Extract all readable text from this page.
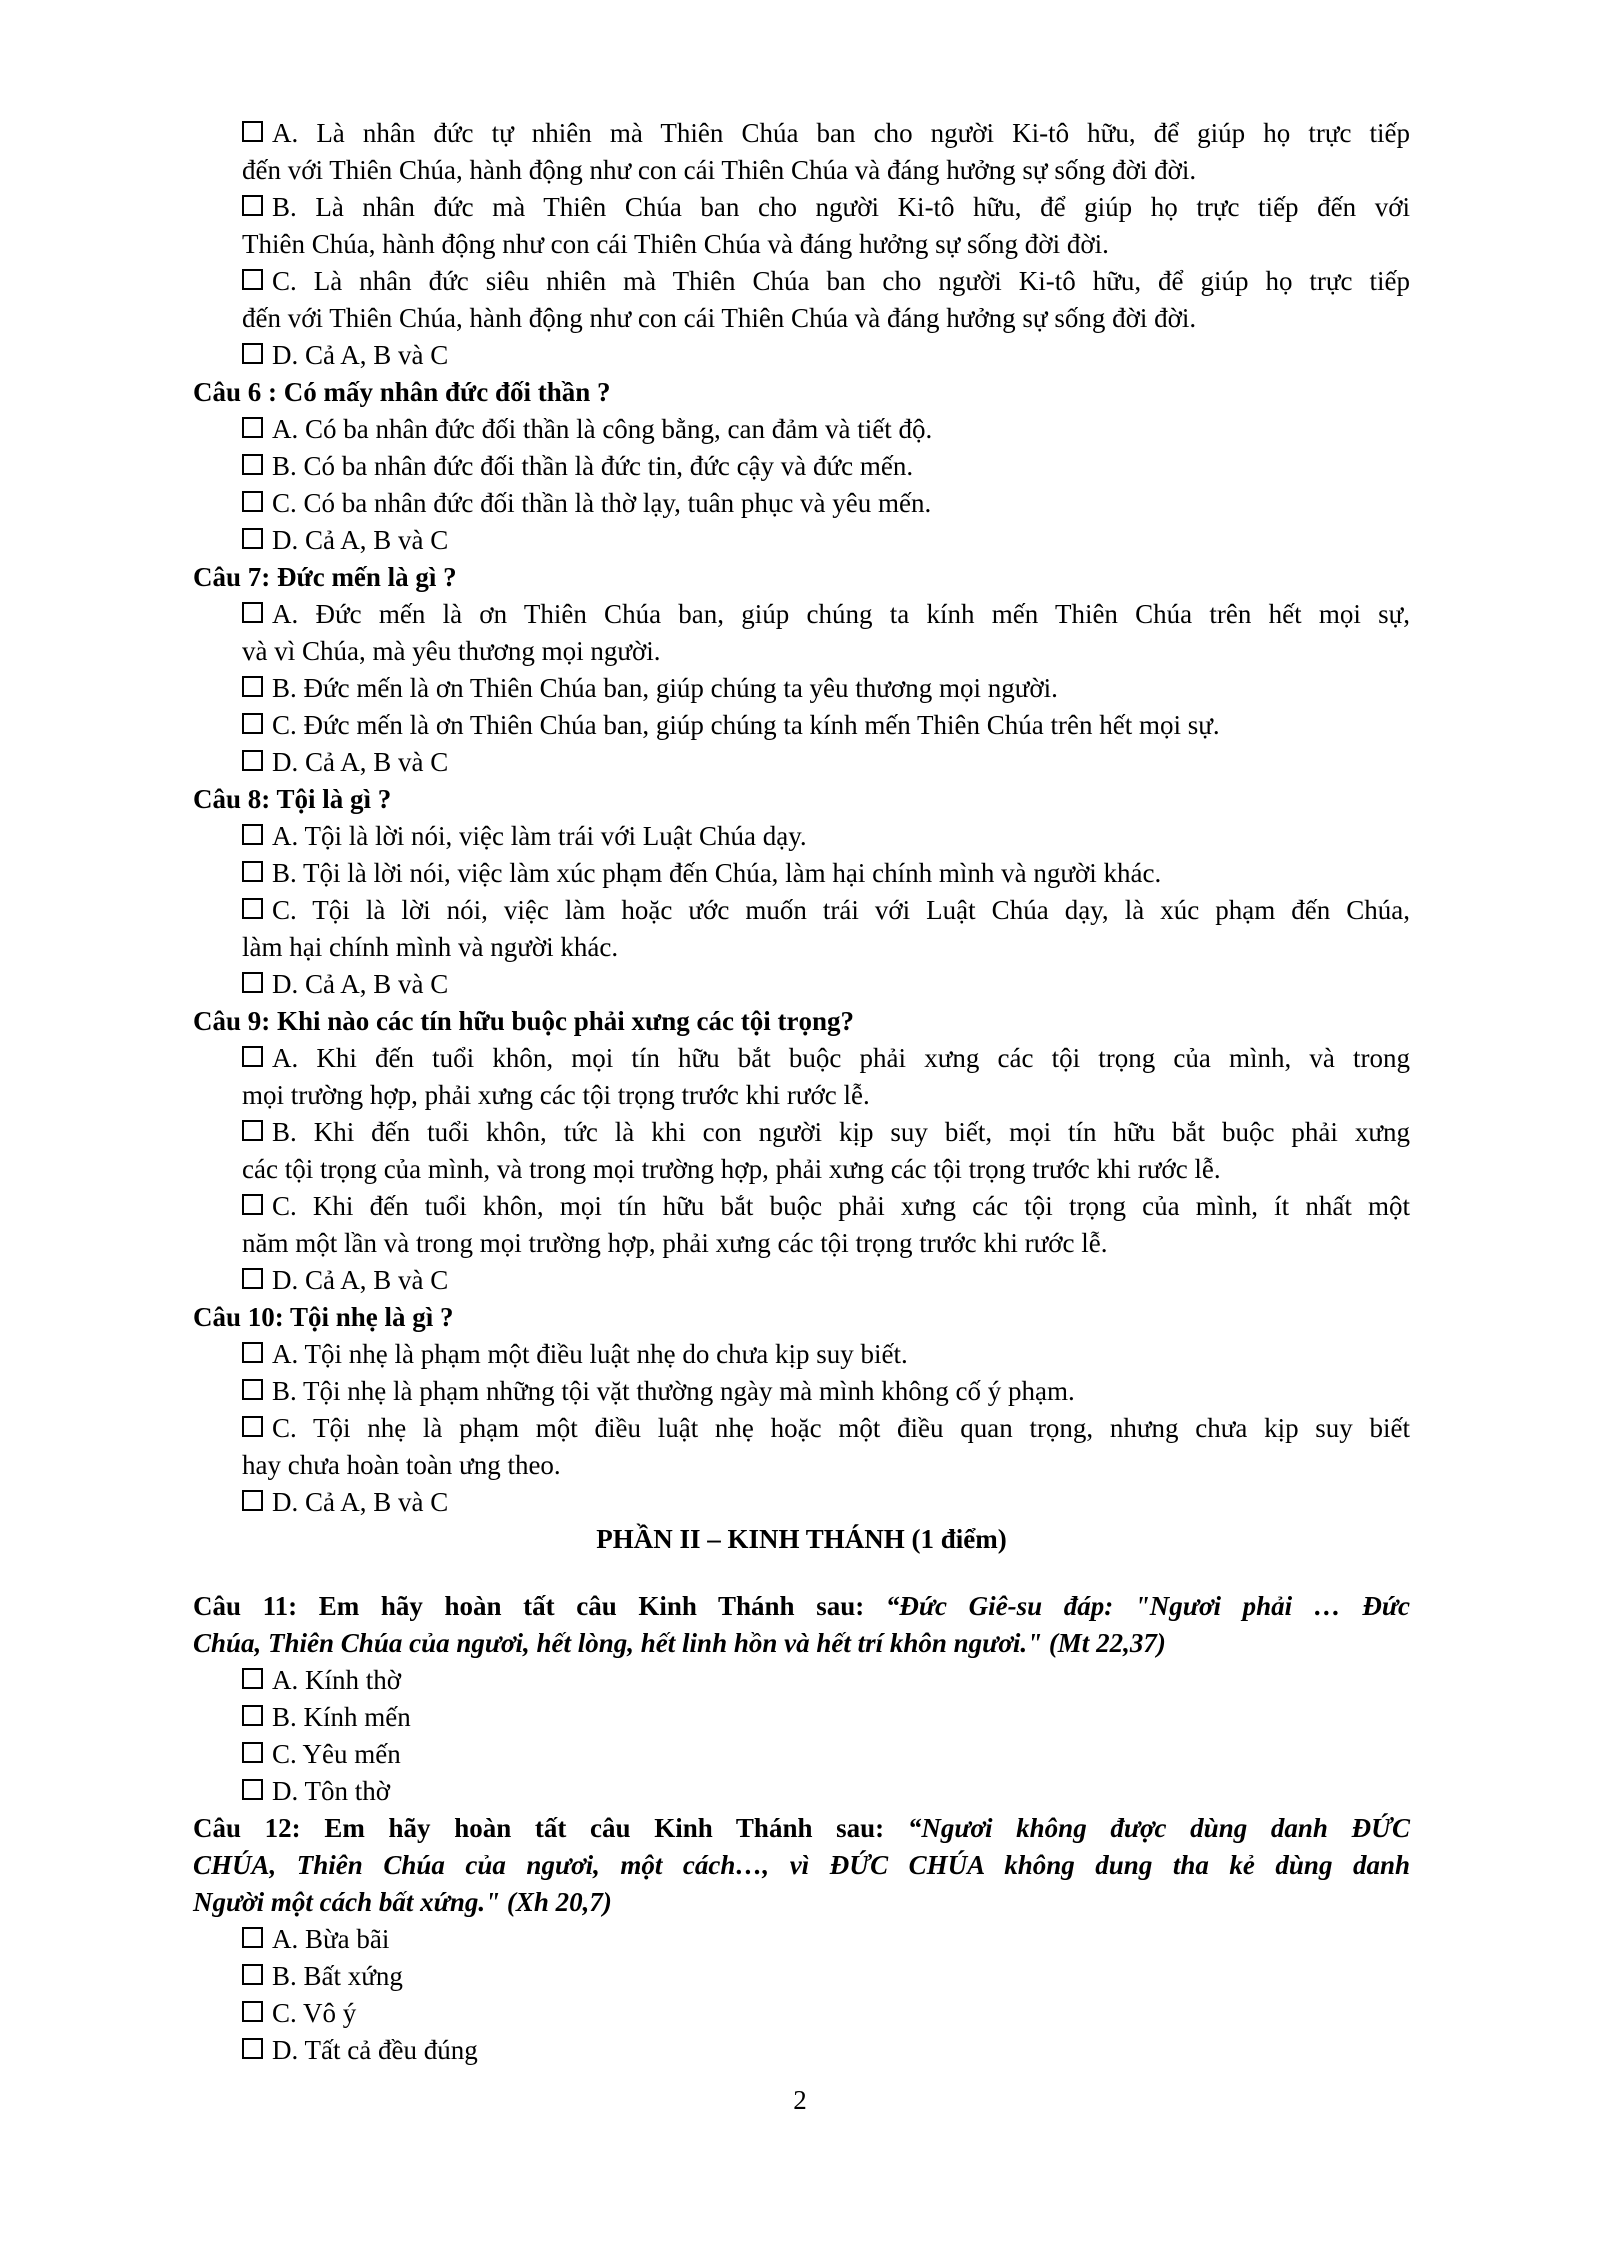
A. Là nhân đức tự nhiên mà Thiên Chúa ban cho người Ki-tô hữu, để giúp họ trực tiếp
đến với Thiên Chúa, hành động như con cái Thiên Chúa và đáng hưởng sự sống đời đời.
B. Là nhân đức mà Thiên Chúa ban cho người Ki-tô hữu, để giúp họ trực tiếp đến với
Thiên Chúa, hành động như con cái Thiên Chúa và đáng hưởng sự sống đời đời.
C. Là nhân đức siêu nhiên mà Thiên Chúa ban cho người Ki-tô hữu, để giúp họ trực tiếp
đến với Thiên Chúa, hành động như con cái Thiên Chúa và đáng hưởng sự sống đời đời.
D. Cả A, B và C
Câu 6 : Có mấy nhân đức đối thần ?
A. Có ba nhân đức đối thần là công bằng, can đảm và tiết độ.
B. Có ba nhân đức đối thần là đức tin, đức cậy và đức mến.
C. Có ba nhân đức đối thần là thờ lạy, tuân phục và yêu mến.
D. Cả A, B và C
Câu 7: Đức mến là gì ?
A. Đức mến là ơn Thiên Chúa ban, giúp chúng ta kính mến Thiên Chúa trên hết mọi sự,
và vì Chúa, mà yêu thương mọi người.
B. Đức mến là ơn Thiên Chúa ban, giúp chúng ta yêu thương mọi người.
C. Đức mến là ơn Thiên Chúa ban, giúp chúng ta kính mến Thiên Chúa trên hết mọi sự.
D. Cả A, B và C
Câu 8: Tội là gì ?
A. Tội là lời nói, việc làm trái với Luật Chúa dạy.
B. Tội là lời nói, việc làm xúc phạm đến Chúa, làm hại chính mình và người khác.
C. Tội là lời nói, việc làm hoặc ước muốn trái với Luật Chúa dạy, là xúc phạm đến Chúa,
làm hại chính mình và người khác.
D. Cả A, B và C
Câu 9: Khi nào các tín hữu buộc phải xưng các tội trọng?
A. Khi đến tuổi khôn, mọi tín hữu bắt buộc phải xưng các tội trọng của mình, và trong
mọi trường hợp, phải xưng các tội trọng trước khi rước lễ.
B. Khi đến tuổi khôn, tức là khi con người kịp suy biết, mọi tín hữu bắt buộc phải xưng
các tội trọng của mình, và trong mọi trường hợp, phải xưng các tội trọng trước khi rước lễ.
C. Khi đến tuổi khôn, mọi tín hữu bắt buộc phải xưng các tội trọng của mình, ít nhất một
năm một lần và trong mọi trường hợp, phải xưng các tội trọng trước khi rước lễ.
D. Cả A, B và C
Câu 10: Tội nhẹ là gì ?
A. Tội nhẹ là phạm một điều luật nhẹ do chưa kịp suy biết.
B. Tội nhẹ là phạm những tội vặt thường ngày mà mình không cố ý phạm.
C. Tội nhẹ là phạm một điều luật nhẹ hoặc một điều quan trọng, nhưng chưa kịp suy biết
hay chưa hoàn toàn ưng theo.
D. Cả A, B và C
PHẦN II – KINH THÁNH (1 điểm)
Câu 11: Em hãy hoàn tất câu Kinh Thánh sau: “Đức Giê-su đáp: "Ngươi phải … Đức
Chúa, Thiên Chúa của ngươi, hết lòng, hết linh hồn và hết trí khôn ngươi." (Mt 22,37)
A. Kính thờ
B. Kính mến
C. Yêu mến
D. Tôn thờ
Câu 12: Em hãy hoàn tất câu Kinh Thánh sau: “Ngươi không được dùng danh ĐỨC
CHÚA, Thiên Chúa của ngươi, một cách…, vì ĐỨC CHÚA không dung tha kẻ dùng danh
Người một cách bất xứng." (Xh 20,7)
A. Bừa bãi
B. Bất xứng
C. Vô ý
D. Tất cả đều đúng
2
